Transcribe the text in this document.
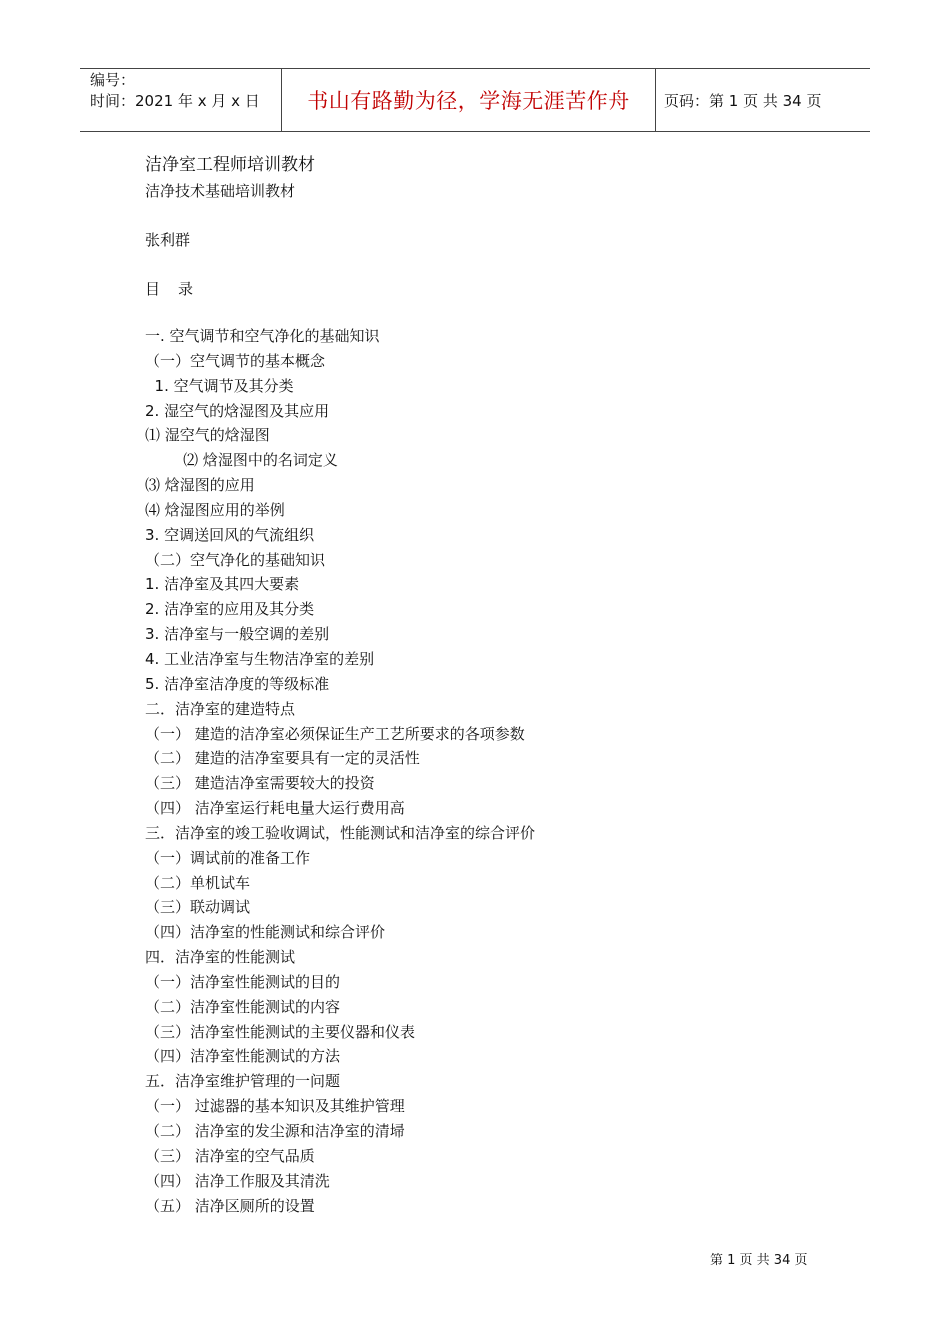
编号：
时间：2021 年 x 月 x 日	书山有路勤为径，学海无涯苦作舟 页码：第 1 页 共 34 页
洁净室工程师培训教材
洁净技术基础培训教材
张利群
目录
一. 空气调节和空气净化的基础知识
（一）空气调节的基本概念
1. 空气调节及其分类
2. 湿空气的焓湿图及其应用
⑴ 湿空气的焓湿图
⑵ 焓湿图中的名词定义
⑶ 焓湿图的应用
⑷ 焓湿图应用的举例
3. 空调送回风的气流组织
（二）空气净化的基础知识
1. 洁净室及其四大要素
2. 洁净室的应用及其分类
3. 洁净室与一般空调的差别
4. 工业洁净室与生物洁净室的差别
5. 洁净室洁净度的等级标准
二．洁净室的建造特点
（一） 建造的洁净室必须保证生产工艺所要求的各项参数
（二） 建造的洁净室要具有一定的灵活性
（三） 建造洁净室需要较大的投资
（四） 洁净室运行耗电量大运行费用高
三．洁净室的竣工验收调试，性能测试和洁净室的综合评价
（一）调试前的准备工作
（二）单机试车
（三）联动调试
（四）洁净室的性能测试和综合评价
四．洁净室的性能测试
（一）洁净室性能测试的目的
（二）洁净室性能测试的内容
（三）洁净室性能测试的主要仪器和仪表
（四）洁净室性能测试的方法
五．洁净室维护管理的一问题
（一） 过滤器的基本知识及其维护管理
（二） 洁净室的发尘源和洁净室的清埽
（三） 洁净室的空气品质
（四） 洁净工作服及其清洗
（五） 洁净区厕所的设置
第 1 页 共 34 页
